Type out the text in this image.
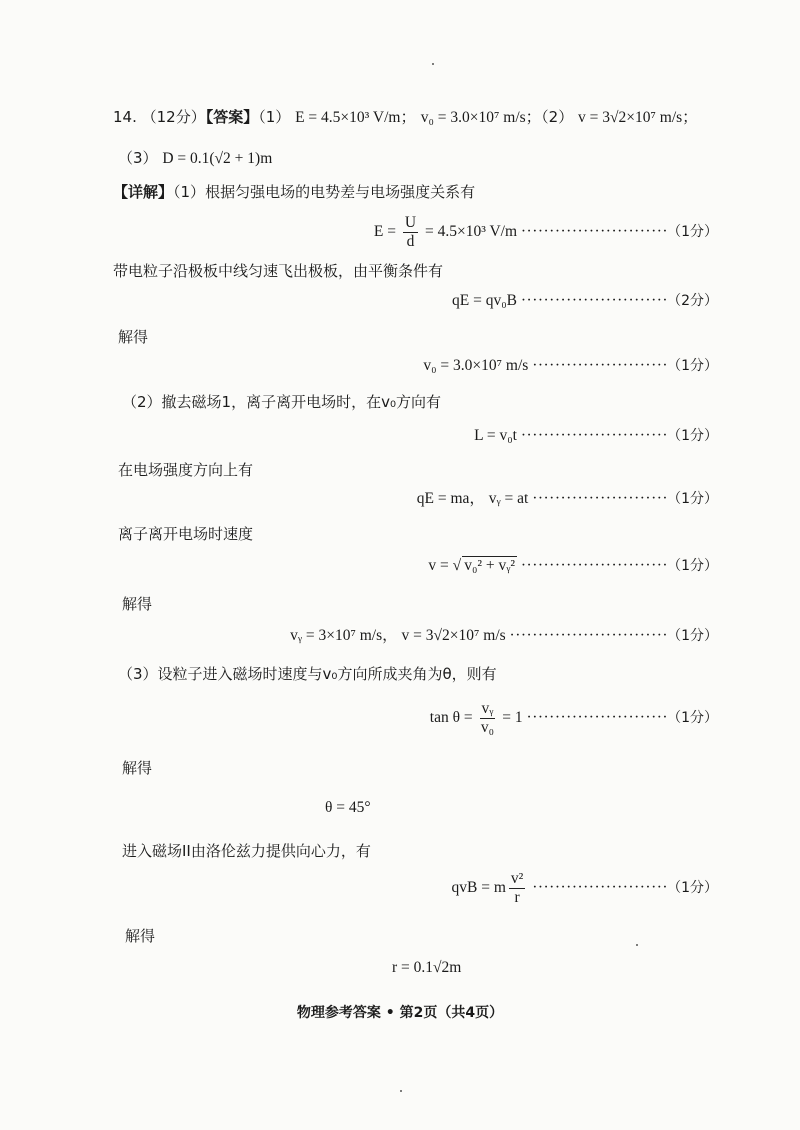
14. （12分）【答案】（1） E = 4.5×10³ V/m； v₀ = 3.0×10⁷ m/s；（2） v = 3√2×10⁷ m/s；
（3） D = 0.1(√2 + 1)m
【详解】（1）根据匀强电场的电势差与电场强度关系有
$E = \frac{U}{d} = 4.5\times 10^3$ V/m ·························· （1分）
带电粒子沿极板中线匀速飞出极板，由平衡条件有
qE = qv₀B ·························· （2分）
解得
v₀ = 3.0×10⁷ m/s ························ （1分）
（2）撤去磁场1，离子离开电场时，在v₀方向有
L = v₀t ·························· （1分）
在电场强度方向上有
qE = ma， vᵧ = at ························ （1分）
离子离开电场时速度
v = √ v₀² + vᵧ² ·························· （1分）
解得
vᵧ = 3×10⁷ m/s， v = 3√2×10⁷ m/s ···························· （1分）
（3）设粒子进入磁场时速度与v₀方向所成夹角为θ，则有
$\tan \theta = \frac{\text{vᵧ}}{\text{v₀}} = 1$ ························· （1分）
解得
θ = 45°
进入磁场II由洛伦兹力提供向心力，有
qvB = m $\frac{\text{v²}}{r}$ ························ （1分）
解得
r = 0.1√2m
物理参考答案 • 第2页（共4页）
